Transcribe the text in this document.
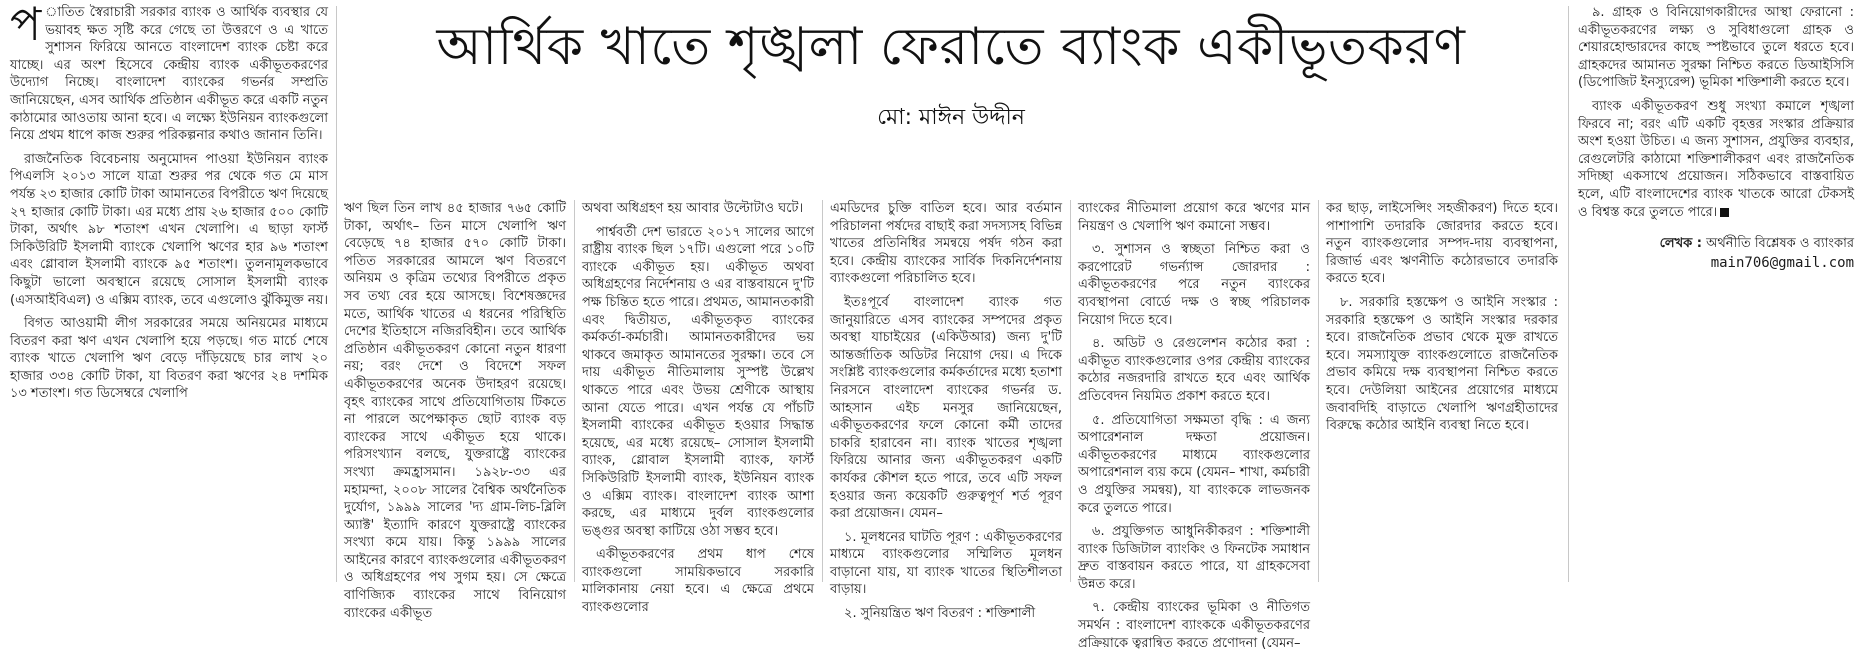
আর্থিক খাতে শৃঙ্খলা ফেরাতে ব্যাংক একীভূতকরণ
মো: মাঈন উদ্দীন

প াতিত স্বৈরাচারী সরকার ব্যাংক ও আর্থিক ব্যবস্থার যে ভয়াবহ ক্ষত সৃষ্টি করে গেছে তা উত্তরণে ও এ খাতে সুশাসন ফিরিয়ে আনতে বাংলাদেশ ব্যাংক চেষ্টা করে যাচ্ছে। এর অংশ হিসেবে কেন্দ্রীয় ব্যাংক একীভূতকরণের উদ্যোগ নিচ্ছে। বাংলাদেশ ব্যাংকের গভর্নর সম্প্রতি জানিয়েছেন, এসব আর্থিক প্রতিষ্ঠান একীভূত করে একটি নতুন কাঠামোর আওতায় আনা হবে। এ লক্ষ্যে ইউনিয়ন ব্যাংকগুলো নিয়ে প্রথম ধাপে কাজ শুরুর পরিকল্পনার কথাও জানান তিনি।

রাজনৈতিক বিবেচনায় অনুমোদন পাওয়া ইউনিয়ন ব্যাংক পিএলসি ২০১৩ সালে যাত্রা শুরুর পর থেকে গত মে মাস পর্যন্ত ২৩ হাজার কোটি টাকা আমানতের বিপরীতে ঋণ দিয়েছে ২৭ হাজার কোটি টাকা। এর মধ্যে প্রায় ২৬ হাজার ৫০০ কোটি টাকা, অর্থাৎ ৯৮ শতাংশ এখন খেলাপি। এ ছাড়া ফার্স্ট সিকিউরিটি ইসলামী ব্যাংকে খেলাপি ঋণের হার ৯৬ শতাংশ এবং গ্লোবাল ইসলামী ব্যাংকে ৯৫ শতাংশ। তুলনামূলকভাবে কিছুটা ভালো অবস্থানে রয়েছে সোসাল ইসলামী ব্যাংক (এসআইবিএল) ও এক্সিম ব্যাংক, তবে এগুলোও ঝুঁকিমুক্ত নয়।

বিগত আওয়ামী লীগ সরকারের সময়ে অনিয়মের মাধ্যমে বিতরণ করা ঋণ এখন খেলাপি হয়ে পড়ছে। গত মার্চে শেষে ব্যাংক খাতে খেলাপি ঋণ বেড়ে দাঁড়িয়েছে চার লাখ ২০ হাজার ৩৩৪ কোটি টাকা, যা বিতরণ করা ঋণের ২৪ দশমিক ১৩ শতাংশ। গত ডিসেম্বরে খেলাপি

ঋণ ছিল তিন লাখ ৪৫ হাজার ৭৬৫ কোটি টাকা, অর্থাৎ– তিন মাসে খেলাপি ঋণ বেড়েছে ৭৪ হাজার ৫৭০ কোটি টাকা। পতিত সরকারের আমলে ঋণ বিতরণে অনিয়ম ও কৃত্রিম তথ্যের বিপরীতে প্রকৃত সব তথ্য বের হয়ে আসছে। বিশেষজ্ঞদের মতে, আর্থিক খাতের এ ধরনের পরিস্থিতি দেশের ইতিহাসে নজিরবিহীন। তবে আর্থিক প্রতিষ্ঠান একীভূতকরণ কোনো নতুন ধারণা নয়; বরং দেশে ও বিদেশে সফল একীভূতকরণের অনেক উদাহরণ রয়েছে। বৃহৎ ব্যাংকের সাথে প্রতিযোগিতায় টিকতে না পারলে অপেক্ষাকৃত ছোট ব্যাংক বড় ব্যাংকের সাথে একীভূত হয়ে থাকে। পরিসংখ্যান বলছে, যুক্তরাষ্ট্রে ব্যাংকের সংখ্যা ক্রমহ্রাসমান। ১৯২৮-৩৩ এর মহামন্দা, ২০০৮ সালের বৈশ্বিক অর্থনৈতিক দুর্যোগ, ১৯৯৯ সালের 'দ্য গ্রাম-লিচ-ব্লিলি অ্যাক্ট' ইত্যাদি কারণে যুক্তরাষ্ট্রে ব্যাংকের সংখ্যা কমে যায়। কিন্তু ১৯৯৯ সালের আইনের কারণে ব্যাংকগুলোর একীভূতকরণ ও অধিগ্রহণের পথ সুগম হয়। সে ক্ষেত্রে বাণিজ্যিক ব্যাংকের সাথে বিনিয়োগ ব্যাংকের একীভূত

অথবা অধিগ্রহণ হয় আবার উল্টোটাও ঘটে।

পার্শ্ববর্তী দেশ ভারতে ২০১৭ সালের আগে রাষ্ট্রীয় ব্যাংক ছিল ১৭টি। এগুলো পরে ১০টি ব্যাংকে একীভূত হয়। একীভূত অথবা অধিগ্রহণের নির্দেশনায় ও এর বাস্তবায়নে দু'টি পক্ষ চিন্তিত হতে পারে। প্রথমত, আমানতকারী এবং দ্বিতীয়ত, একীভূতকৃত ব্যাংকের কর্মকর্তা-কর্মচারী। আমানতকারীদের ভয় থাকবে জমাকৃত আমানতের সুরক্ষা। তবে সে দায় একীভূত নীতিমালায় সুস্পষ্ট উল্লেখ থাকতে পারে এবং উভয় শ্রেণীকে আস্থায় আনা যেতে পারে। এখন পর্যন্ত যে পাঁচটি ইসলামী ব্যাংকের একীভূত হওয়ার সিদ্ধান্ত হয়েছে, এর মধ্যে রয়েছে– সোসাল ইসলামী ব্যাংক, গ্লোবাল ইসলামী ব্যাংক, ফার্স্ট সিকিউরিটি ইসলামী ব্যাংক, ইউনিয়ন ব্যাংক ও এক্সিম ব্যাংক। বাংলাদেশ ব্যাংক আশা করছে, এর মাধ্যমে দুর্বল ব্যাংকগুলোর ভঙ্গুর অবস্থা কাটিয়ে ওঠা সম্ভব হবে।

একীভূতকরণের প্রথম ধাপ শেষে ব্যাংকগুলো সাময়িকভাবে সরকারি মালিকানায় নেয়া হবে। এ ক্ষেত্রে প্রথমে ব্যাংকগুলোর

এমডিদের চুক্তি বাতিল হবে। আর বর্তমান পরিচালনা পর্ষদের বাছাই করা সদস্যসহ বিভিন্ন খাতের প্রতিনিধির সমন্বয়ে পর্ষদ গঠন করা হবে। কেন্দ্রীয় ব্যাংকের সার্বিক দিকনির্দেশনায় ব্যাংকগুলো পরিচালিত হবে।

ইতঃপূর্বে বাংলাদেশ ব্যাংক গত জানুয়ারিতে এসব ব্যাংকের সম্পদের প্রকৃত অবস্থা যাচাইয়ের (একিউআর) জন্য দু'টি আন্তর্জাতিক অডিটর নিয়োগ দেয়। এ দিকে সংশ্লিষ্ট ব্যাংকগুলোর কর্মকর্তাদের মধ্যে হতাশা নিরসনে বাংলাদেশ ব্যাংকের গভর্নর ড. আহসান এইচ মনসুর জানিয়েছেন, একীভূতকরণের ফলে কোনো কর্মী তাদের চাকরি হারাবেন না। ব্যাংক খাতের শৃঙ্খলা ফিরিয়ে আনার জন্য একীভূতকরণ একটি কার্যকর কৌশল হতে পারে, তবে এটি সফল হওয়ার জন্য কয়েকটি গুরুত্বপূর্ণ শর্ত পূরণ করা প্রয়োজন। যেমন–

১. মূলধনের ঘাটতি পূরণ : একীভূতকরণের মাধ্যমে ব্যাংকগুলোর সম্মিলিত মূলধন বাড়ানো যায়, যা ব্যাংক খাতের স্থিতিশীলতা বাড়ায়।

২. সুনিয়ন্ত্রিত ঋণ বিতরণ : শক্তিশালী

ব্যাংকের নীতিমালা প্রয়োগ করে ঋণের মান নিয়ন্ত্রণ ও খেলাপি ঋণ কমানো সম্ভব।

৩. সুশাসন ও স্বচ্ছতা নিশ্চিত করা ও করপোরেট গভর্ন্যান্স জোরদার : একীভূতকরণের পরে নতুন ব্যাংকের ব্যবস্থাপনা বোর্ডে দক্ষ ও স্বচ্ছ পরিচালক নিয়োগ দিতে হবে।

৪. অডিট ও রেগুলেশন কঠোর করা : একীভূত ব্যাংকগুলোর ওপর কেন্দ্রীয় ব্যাংকের কঠোর নজরদারি রাখতে হবে এবং আর্থিক প্রতিবেদন নিয়মিত প্রকাশ করতে হবে।

৫. প্রতিযোগিতা সক্ষমতা বৃদ্ধি : এ জন্য অপারেশনাল দক্ষতা প্রয়োজন। একীভূতকরণের মাধ্যমে ব্যাংকগুলোর অপারেশনাল ব্যয় কমে (যেমন– শাখা, কর্মচারী ও প্রযুক্তির সমন্বয়), যা ব্যাংককে লাভজনক করে তুলতে পারে।

৬. প্রযুক্তিগত আধুনিকীকরণ : শক্তিশালী ব্যাংক ডিজিটাল ব্যাংকিং ও ফিনটেক সমাধান দ্রুত বাস্তবায়ন করতে পারে, যা গ্রাহকসেবা উন্নত করে।

৭. কেন্দ্রীয় ব্যাংকের ভূমিকা ও নীতিগত সমর্থন : বাংলাদেশ ব্যাংককে একীভূতকরণের প্রক্রিয়াকে ত্বরান্বিত করতে প্রণোদনা (যেমন–

কর ছাড়, লাইসেন্সিং সহজীকরণ) দিতে হবে। পাশাপাশি তদারকি জোরদার করতে হবে। নতুন ব্যাংকগুলোর সম্পদ-দায় ব্যবস্থাপনা, রিজার্ভ এবং ঋণনীতি কঠোরভাবে তদারকি করতে হবে।

৮. সরকারি হস্তক্ষেপ ও আইনি সংস্কার : সরকারি হস্তক্ষেপ ও আইনি সংস্কার দরকার হবে। রাজনৈতিক প্রভাব থেকে মুক্ত রাখতে হবে। সমস্যাযুক্ত ব্যাংকগুলোতে রাজনৈতিক প্রভাব কমিয়ে দক্ষ ব্যবস্থাপনা নিশ্চিত করতে হবে। দেউলিয়া আইনের প্রয়োগের মাধ্যমে জবাবদিহি বাড়াতে খেলাপি ঋণগ্রহীতাদের বিরুদ্ধে কঠোর আইনি ব্যবস্থা নিতে হবে।

৯. গ্রাহক ও বিনিয়োগকারীদের আস্থা ফেরানো : একীভূতকরণের লক্ষ্য ও সুবিধাগুলো গ্রাহক ও শেয়ারহোল্ডারদের কাছে স্পষ্টভাবে তুলে ধরতে হবে। গ্রাহকদের আমানত সুরক্ষা নিশ্চিত করতে ডিআইসিসি (ডিপোজিট ইনস্যুরেন্স) ভূমিকা শক্তিশালী করতে হবে।

ব্যাংক একীভূতকরণ শুধু সংখ্যা কমালে শৃঙ্খলা ফিরবে না; বরং এটি একটি বৃহত্তর সংস্কার প্রক্রিয়ার অংশ হওয়া উচিত। এ জন্য সুশাসন, প্রযুক্তির ব্যবহার, রেগুলেটরি কাঠামো শক্তিশালীকরণ এবং রাজনৈতিক সদিচ্ছা একসাথে প্রয়োজন। সঠিকভাবে বাস্তবায়িত হলে, এটি বাংলাদেশের ব্যাংক খাতকে আরো টেকসই ও বিশ্বস্ত করে তুলতে পারে।

লেখক : অর্থনীতি বিশ্লেষক ও ব্যাংকার
main706@gmail.com
